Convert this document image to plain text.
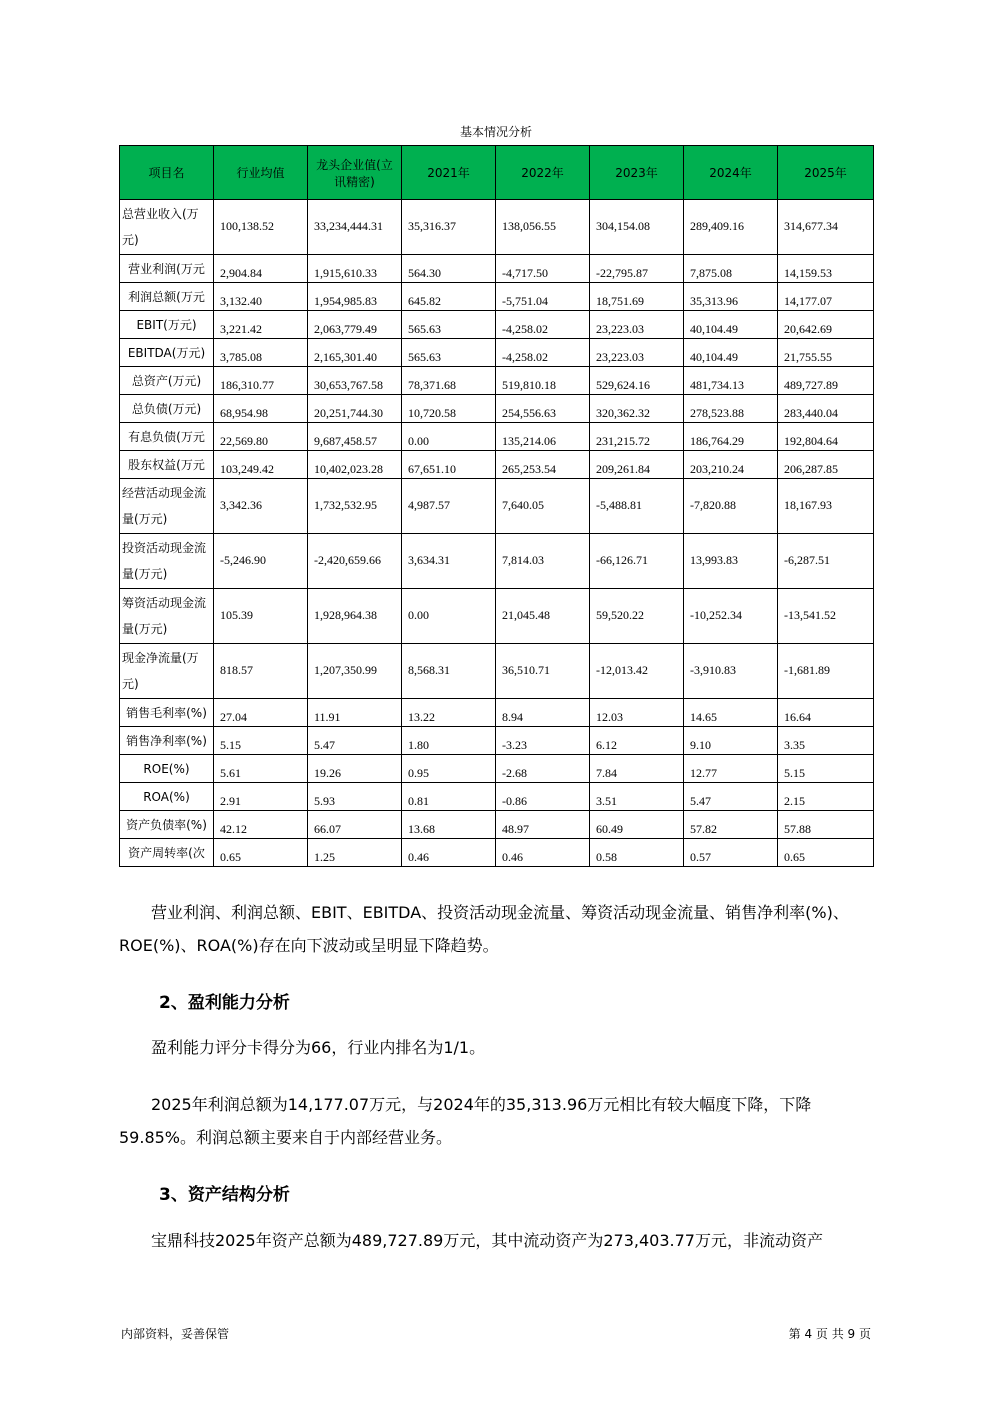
基本情况分析
项目名	行业均值	龙头企业值(立讯精密)	2021年	2022年	2023年	2024年	2025年
总营业收入(万元)	100,138.52	33,234,444.31	35,316.37	138,056.55	304,154.08	289,409.16	314,677.34
营业利润(万元	2,904.84	1,915,610.33	564.30	-4,717.50	-22,795.87	7,875.08	14,159.53
利润总额(万元	3,132.40	1,954,985.83	645.82	-5,751.04	18,751.69	35,313.96	14,177.07
EBIT(万元)	3,221.42	2,063,779.49	565.63	-4,258.02	23,223.03	40,104.49	20,642.69
EBITDA(万元)	3,785.08	2,165,301.40	565.63	-4,258.02	23,223.03	40,104.49	21,755.55
总资产(万元)	186,310.77	30,653,767.58	78,371.68	519,810.18	529,624.16	481,734.13	489,727.89
总负债(万元)	68,954.98	20,251,744.30	10,720.58	254,556.63	320,362.32	278,523.88	283,440.04
有息负债(万元	22,569.80	9,687,458.57	0.00	135,214.06	231,215.72	186,764.29	192,804.64
股东权益(万元	103,249.42	10,402,023.28	67,651.10	265,253.54	209,261.84	203,210.24	206,287.85
经营活动现金流量(万元)	3,342.36	1,732,532.95	4,987.57	7,640.05	-5,488.81	-7,820.88	18,167.93
投资活动现金流量(万元)	-5,246.90	-2,420,659.66	3,634.31	7,814.03	-66,126.71	13,993.83	-6,287.51
筹资活动现金流量(万元)	105.39	1,928,964.38	0.00	21,045.48	59,520.22	-10,252.34	-13,541.52
现金净流量(万元)	818.57	1,207,350.99	8,568.31	36,510.71	-12,013.42	-3,910.83	-1,681.89
销售毛利率(%)	27.04	11.91	13.22	8.94	12.03	14.65	16.64
销售净利率(%)	5.15	5.47	1.80	-3.23	6.12	9.10	3.35
ROE(%)	5.61	19.26	0.95	-2.68	7.84	12.77	5.15
ROA(%)	2.91	5.93	0.81	-0.86	3.51	5.47	2.15
资产负债率(%)	42.12	66.07	13.68	48.97	60.49	57.82	57.88
资产周转率(次	0.65	1.25	0.46	0.46	0.58	0.57	0.65
营业利润、利润总额、EBIT、EBITDA、投资活动现金流量、筹资活动现金流量、销售净利率(%)、ROE(%)、ROA(%)存在向下波动或呈明显下降趋势。
2、盈利能力分析
盈利能力评分卡得分为66，行业内排名为1/1。
2025年利润总额为14,177.07万元，与2024年的35,313.96万元相比有较大幅度下降，下降59.85%。利润总额主要来自于内部经营业务。
3、资产结构分析
宝鼎科技2025年资产总额为489,727.89万元，其中流动资产为273,403.77万元，非流动资产
内部资料，妥善保管	第 4 页 共 9 页
